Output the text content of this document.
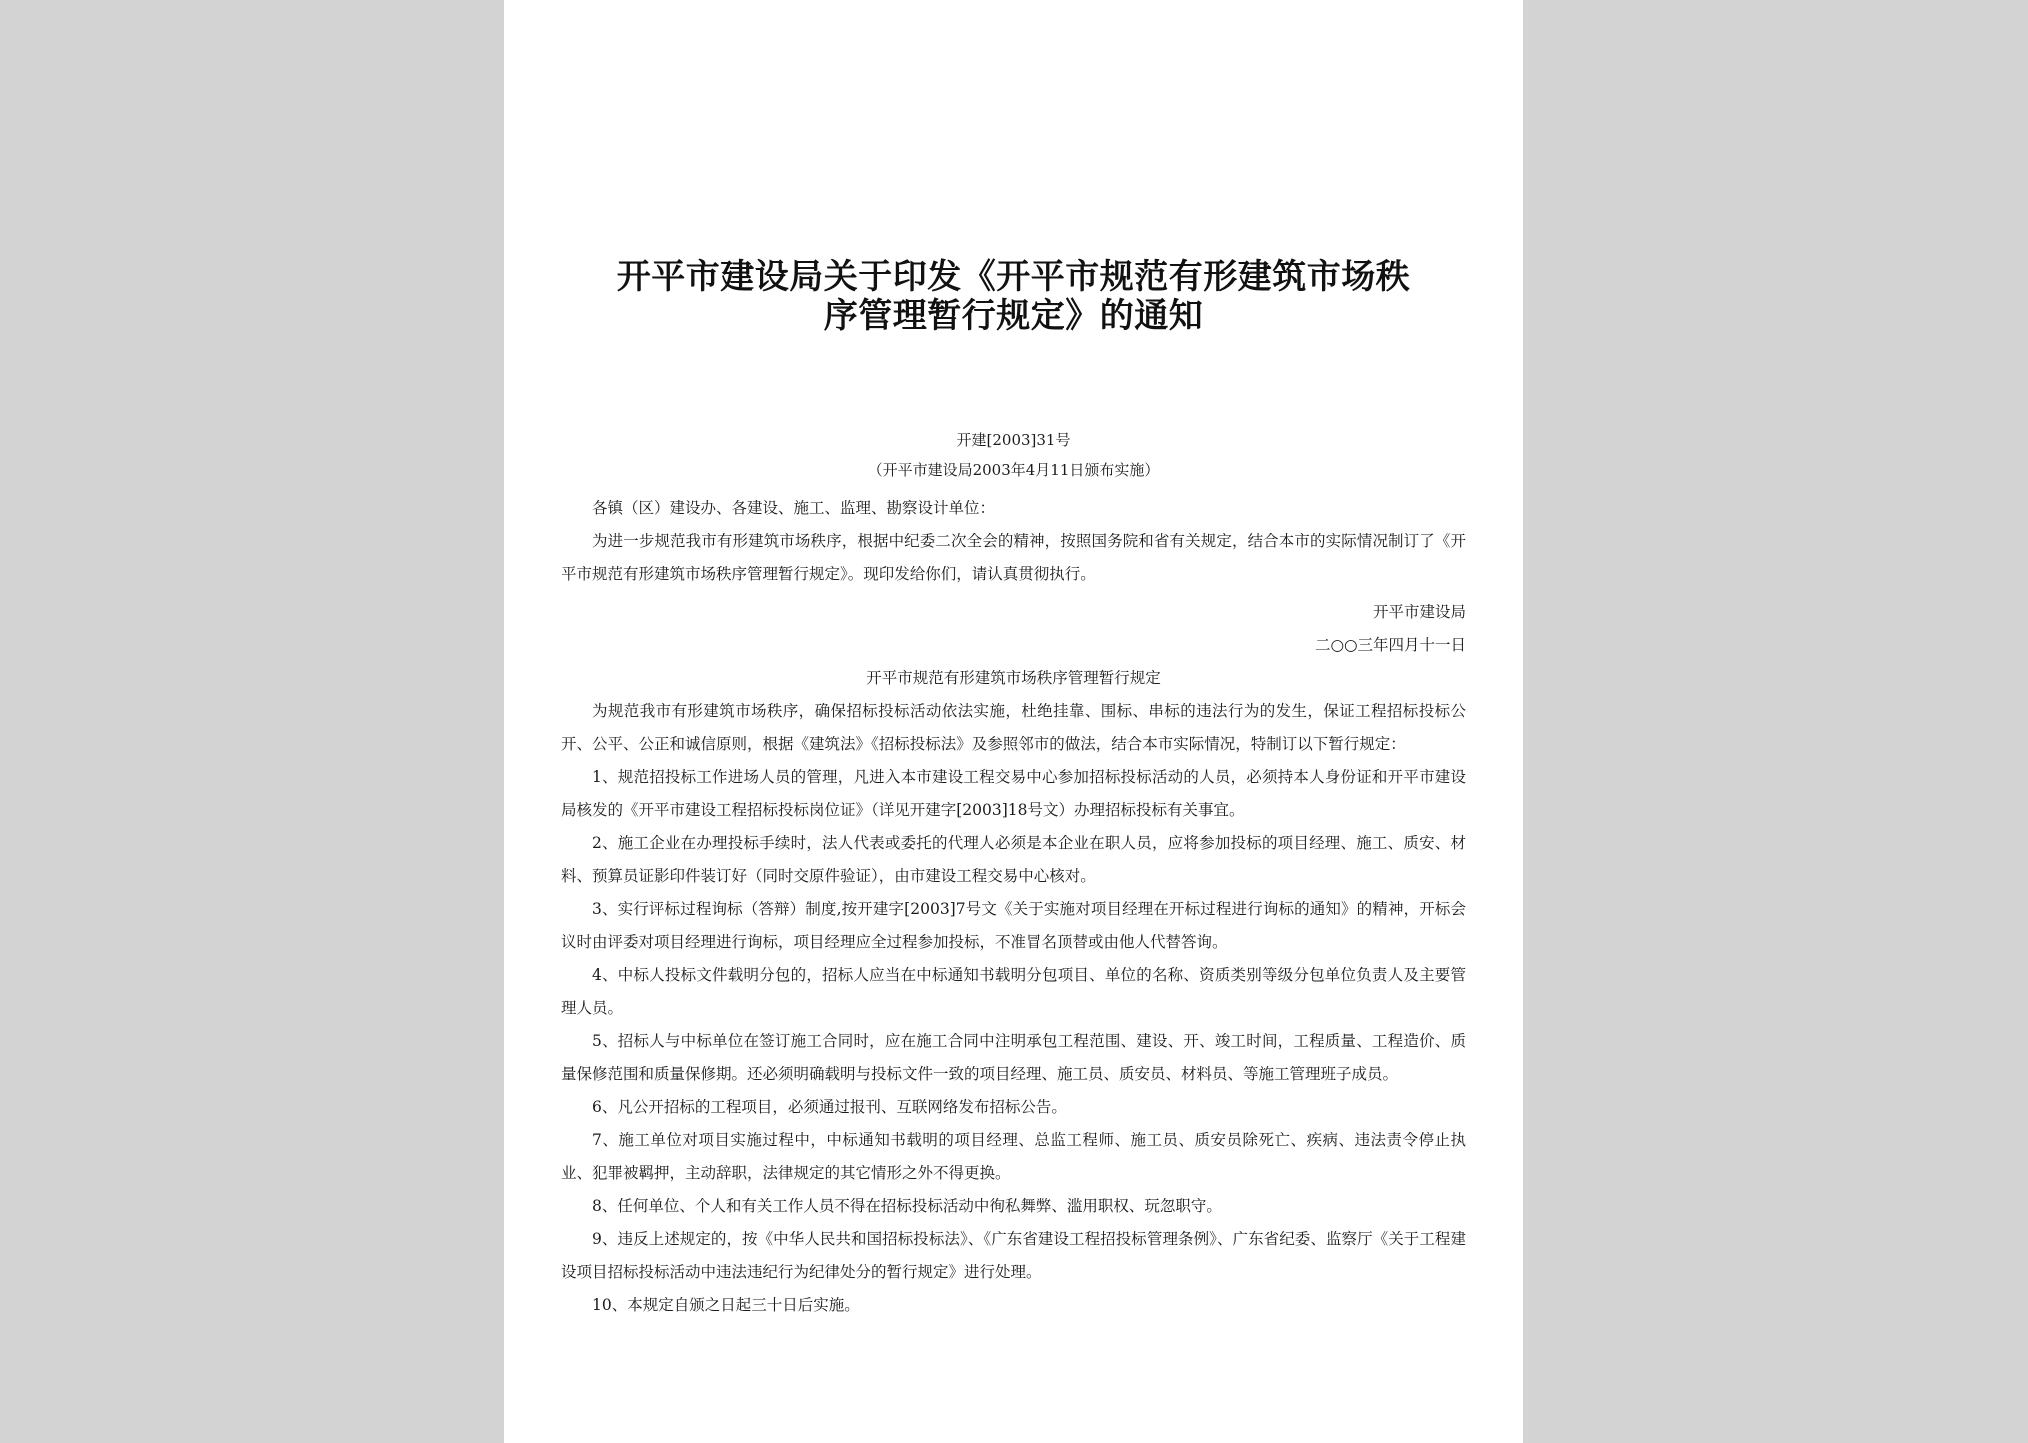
开平市建设局关于印发《开平市规范有形建筑市场秩
序管理暂行规定》的通知
开建[2003]31号
（开平市建设局2003年4月11日颁布实施）

各镇（区）建设办、各建设、施工、监理、勘察设计单位：

为进一步规范我市有形建筑市场秩序，根据中纪委二次全会的精神，按照国务院和省有关规定，结合本市的实际情况制订了《开平市规范有形建筑市场秩序管理暂行规定》。现印发给你们，请认真贯彻执行。

开平市建设局

二○○三年四月十一日

开平市规范有形建筑市场秩序管理暂行规定

为规范我市有形建筑市场秩序，确保招标投标活动依法实施，杜绝挂靠、围标、串标的违法行为的发生，保证工程招标投标公开、公平、公正和诚信原则，根据《建筑法》《招标投标法》及参照邻市的做法，结合本市实际情况，特制订以下暂行规定：

1、规范招投标工作进场人员的管理，凡进入本市建设工程交易中心参加招标投标活动的人员，必须持本人身份证和开平市建设局核发的《开平市建设工程招标投标岗位证》（详见开建字[2003]18号文）办理招标投标有关事宜。

2、施工企业在办理投标手续时，法人代表或委托的代理人必须是本企业在职人员，应将参加投标的项目经理、施工、质安、材料、预算员证影印件装订好（同时交原件验证），由市建设工程交易中心核对。

3、实行评标过程询标（答辩）制度,按开建字[2003]7号文《关于实施对项目经理在开标过程进行询标的通知》的精神，开标会议时由评委对项目经理进行询标，项目经理应全过程参加投标，不准冒名顶替或由他人代替答询。

4、中标人投标文件载明分包的，招标人应当在中标通知书载明分包项目、单位的名称、资质类别等级分包单位负责人及主要管理人员。

5、招标人与中标单位在签订施工合同时，应在施工合同中注明承包工程范围、建设、开、竣工时间，工程质量、工程造价、质量保修范围和质量保修期。还必须明确载明与投标文件一致的项目经理、施工员、质安员、材料员、等施工管理班子成员。

6、凡公开招标的工程项目，必须通过报刊、互联网络发布招标公告。

7、施工单位对项目实施过程中，中标通知书载明的项目经理、总监工程师、施工员、质安员除死亡、疾病、违法责令停止执业、犯罪被羁押，主动辞职，法律规定的其它情形之外不得更换。

8、任何单位、个人和有关工作人员不得在招标投标活动中徇私舞弊、滥用职权、玩忽职守。

9、违反上述规定的，按《中华人民共和国招标投标法》、《广东省建设工程招投标管理条例》、广东省纪委、监察厅《关于工程建设项目招标投标活动中违法违纪行为纪律处分的暂行规定》进行处理。

10、本规定自颁之日起三十日后实施。
